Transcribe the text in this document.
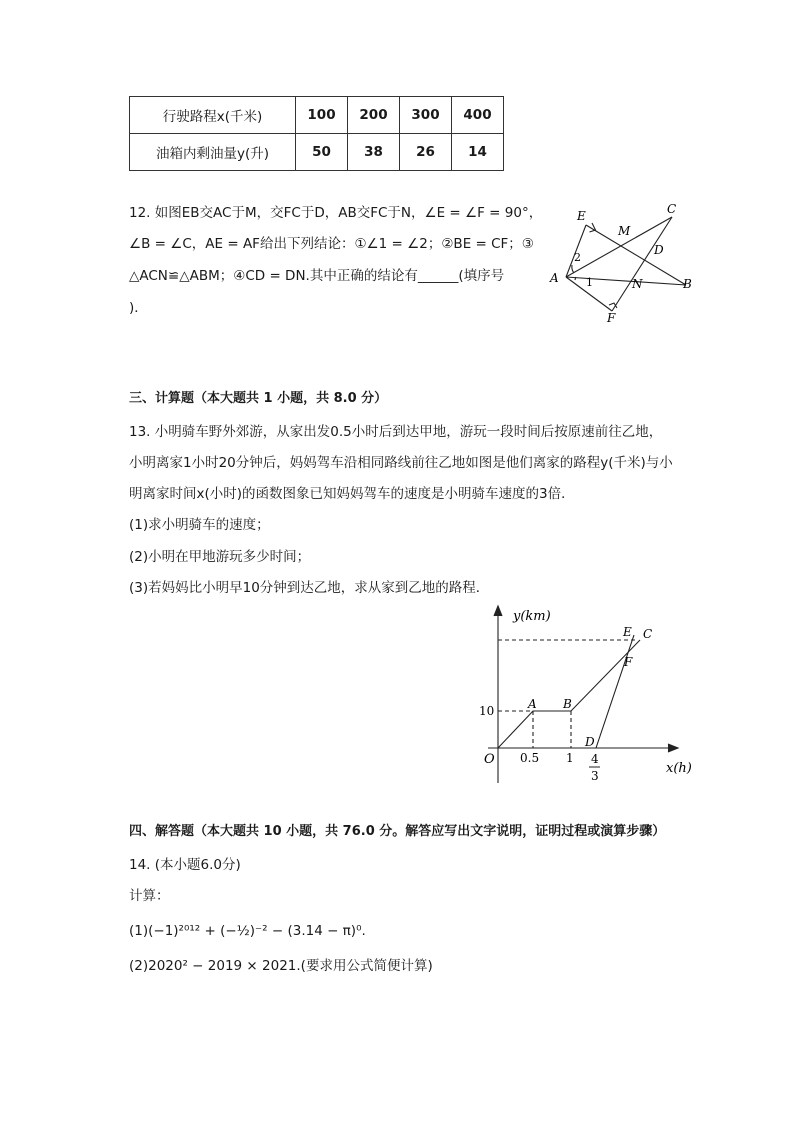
行驶路程x(千米)	100	200	300	400
油箱内剩油量y(升)	50	38	26	14
12. 如图EB交AC于M，交FC于D，AB交FC于N，∠E = ∠F = 90°，
∠B = ∠C，AE = AF给出下列结论：①∠1 = ∠2；②BE = CF；③
△ACN≌△ABM；④CD = DN.其中正确的结论有______(填序号
)．
E	C
M
D
2
A 1	N	B
F
三、计算题（本大题共 1 小题，共 8.0 分）
13. 小明骑车野外郊游，从家出发0.5小时后到达甲地，游玩一段时间后按原速前往乙地，
小明离家1小时20分钟后，妈妈驾车沿相同路线前往乙地如图是他们离家的路程y(千米)与小
明离家时间x(小时)的函数图象已知妈妈驾车的速度是小明骑车速度的3倍．
(1)求小明骑车的速度；
(2)小明在甲地游玩多少时间；
(3)若妈妈比小明早10分钟到达乙地，求从家到乙地的路程．
y(km)
x(h)
O
10
0.5 1 4
3
A B
C
D
E
F
四、解答题（本大题共 10 小题，共 76.0 分。解答应写出文字说明，证明过程或演算步骤）
14. (本小题6.0分)
计算：
(1)(−1)²⁰¹² + (−½)⁻² − (3.14 − π)⁰.
(2)2020² − 2019 × 2021.(要求用公式简便计算)
